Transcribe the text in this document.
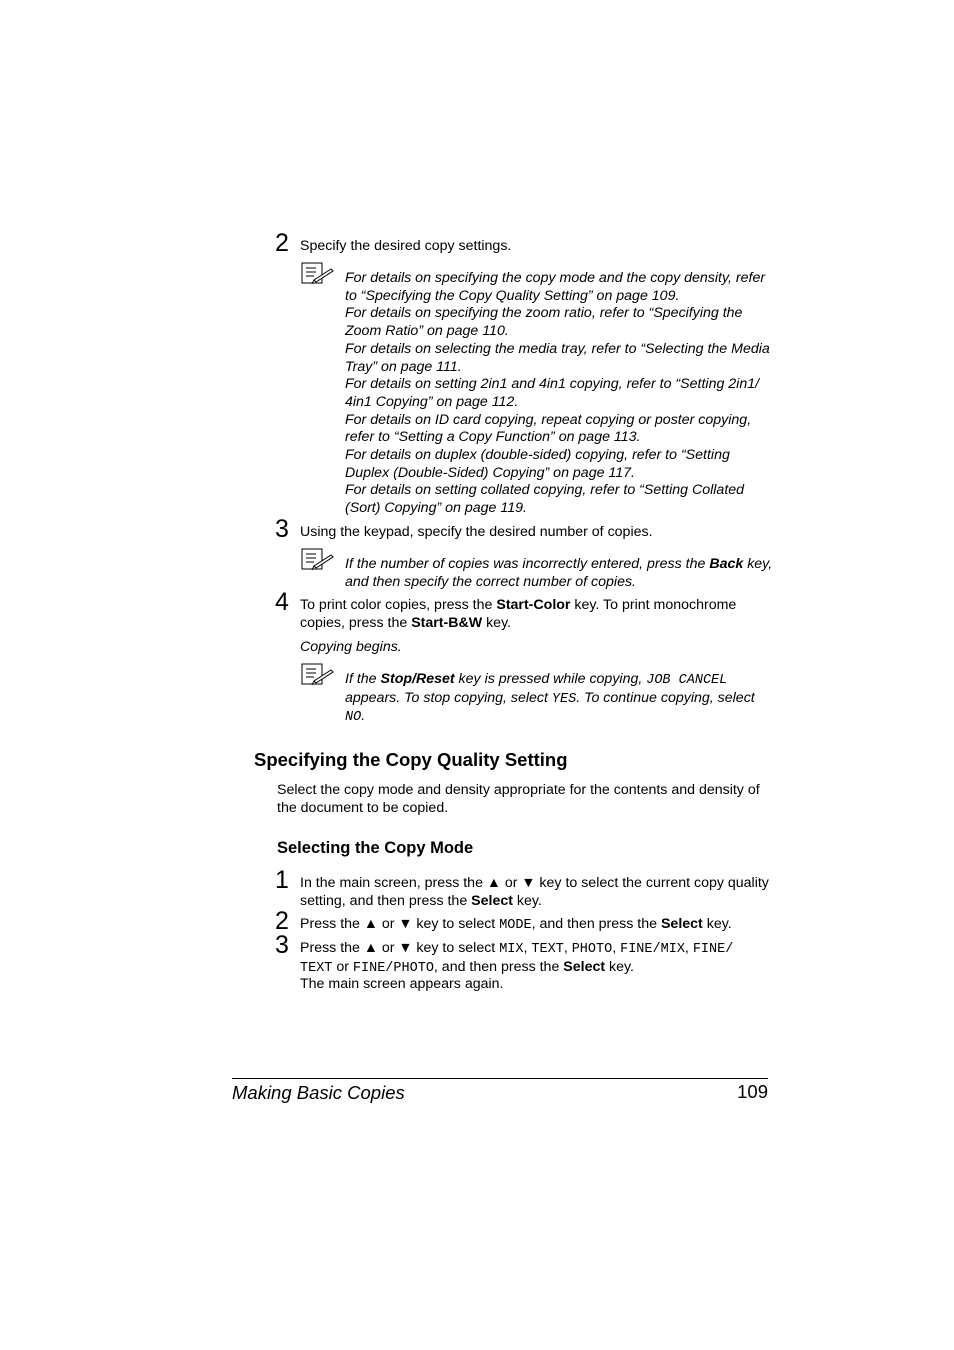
2 Specify the desired copy settings.

For details on specifying the copy mode and the copy density, refer to “Specifying the Copy Quality Setting” on page 109.

For details on specifying the zoom ratio, refer to “Specifying the Zoom Ratio” on page 110.

For details on selecting the media tray, refer to “Selecting the Media Tray” on page 111.

For details on setting 2in1 and 4in1 copying, refer to “Setting 2in1/ 4in1 Copying” on page 112.

For details on ID card copying, repeat copying or poster copying, refer to “Setting a Copy Function” on page 113.

For details on duplex (double-sided) copying, refer to “Setting Duplex (Double-Sided) Copying” on page 117.

For details on setting collated copying, refer to “Setting Collated (Sort) Copying” on page 119.

3 Using the keypad, specify the desired number of copies.

If the number of copies was incorrectly entered, press the Back key, and then specify the correct number of copies.

4 To print color copies, press the Start-Color key. To print monochrome copies, press the Start-B&W key.
Copying begins.

If the Stop/Reset key is pressed while copying, JOB CANCEL appears. To stop copying, select YES. To continue copying, select NO.

Specifying the Copy Quality Setting
Select the copy mode and density appropriate for the contents and density of the document to be copied.
Selecting the Copy Mode
1 In the main screen, press the ▲ or ▼ key to select the current copy quality setting, and then press the Select key.
2 Press the ▲ or ▼ key to select MODE, and then press the Select key.
3 Press the ▲ or ▼ key to select MIX, TEXT, PHOTO, FINE/MIX, FINE/ TEXT or FINE/PHOTO, and then press the Select key.
The main screen appears again.
Making Basic Copies	109
